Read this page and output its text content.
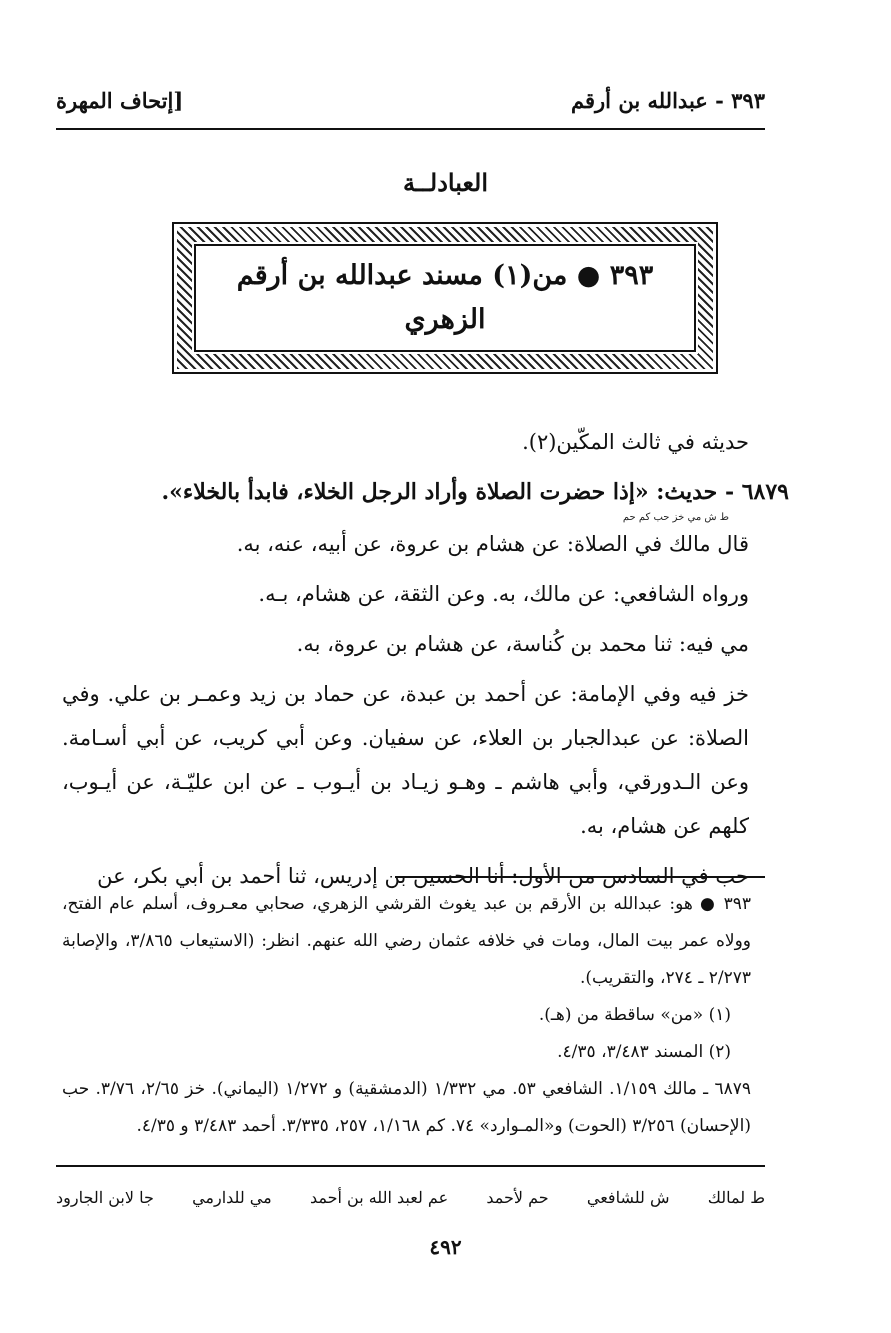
٣٩٣ - عبدالله بن أرقم
[إتحاف المهرة
العبادلــة
٣٩٣ ● من(١) مسند عبدالله بن أرقم
الزهري

حديثه في ثالث المكّين(٢).

٦٨٧٩ - حديث: «إذا حضرت الصلاة وأراد الرجل الخلاء، فابدأ بالخلاء».

ط ش مي خز حب كم حم

قال مالك في الصلاة: عن هشام بن عروة، عن أبيه، عنه، به.

ورواه الشافعي: عن مالك، به. وعن الثقة، عن هشام، بـه.

مي فيه: ثنا محمد بن كُناسة، عن هشام بن عروة، به.

خز فيه وفي الإمامة: عن أحمد بن عبدة، عن حماد بن زيد وعمـر بن علي. وفي الصلاة: عن عبدالجبار بن العلاء، عن سفيان. وعن أبي كريب، عن أبي أسـامة. وعن الـدورقي، وأبي هاشم ـ وهـو زيـاد بن أيـوب ـ عن ابن عليّـة، عن أيـوب، كلهم عن هشام، به.

حب في السادس من الأول: أنا الحسين بن إدريس، ثنا أحمد بن أبي بكر، عن

٣٩٣ ● هو: عبدالله بن الأرقم بن عبد يغوث القرشي الزهري، صحابي معـروف، أسلم عام الفتح، وولاه عمر بيت المال، ومات في خلافه عثمان رضي الله عنهم. انظر: (الاستيعاب ٣/٨٦٥، والإصابة ٢/٢٧٣ ـ ٢٧٤، والتقريب).

(١) «من» ساقطة من (هـ).

(٢) المسند ٣/٤٨٣، ٤/٣٥.

٦٨٧٩ ـ مالك ١/١٥٩. الشافعي ٥٣. مي ١/٣٣٢ (الدمشقية) و ١/٢٧٢ (اليماني). خز ٢/٦٥، ٣/٧٦. حب (الإحسان) ٣/٢٥٦ (الحوت) و«المـوارد» ٧٤. كم ١/١٦٨، ٢٥٧، ٣/٣٣٥. أحمد ٣/٤٨٣ و ٤/٣٥.

ط لمالك
ش للشافعي
حم لأحمد
عم لعبد الله بن أحمد
مي للدارمي
جا لابن الجارود
٤٩٢
